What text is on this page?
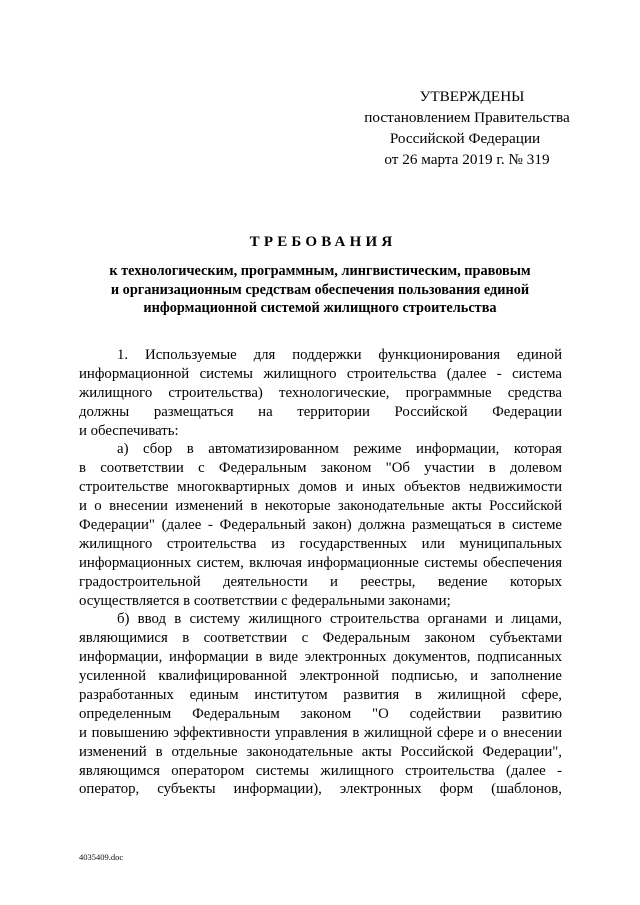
УТВЕРЖДЕНЫ
постановлением Правительства
Российской Федерации
от 26 марта 2019 г. № 319
ТРЕБОВАНИЯ
к технологическим, программным, лингвистическим, правовым
и организационным средствам обеспечения пользования единой
информационной системой жилищного строительства
1. Используемые для поддержки функционирования единой
информационной системы жилищного строительства (далее - система
жилищного строительства) технологические, программные средства
должны размещаться на территории Российской Федерации
и обеспечивать:
а) сбор в автоматизированном режиме информации, которая
в соответствии с Федеральным законом "Об участии в долевом
строительстве многоквартирных домов и иных объектов недвижимости
и о внесении изменений в некоторые законодательные акты Российской
Федерации" (далее - Федеральный закон) должна размещаться в системе
жилищного строительства из государственных или муниципальных
информационных систем, включая информационные системы обеспечения
градостроительной деятельности и реестры, ведение которых
осуществляется в соответствии с федеральными законами;
б) ввод в систему жилищного строительства органами и лицами,
являющимися в соответствии с Федеральным законом субъектами
информации, информации в виде электронных документов, подписанных
усиленной квалифицированной электронной подписью, и заполнение
разработанных единым институтом развития в жилищной сфере,
определенным Федеральным законом "О содействии развитию
и повышению эффективности управления в жилищной сфере и о внесении
изменений в отдельные законодательные акты Российской Федерации",
являющимся оператором системы жилищного строительства (далее -
оператор, субъекты информации), электронных форм (шаблонов,
4035409.doc
